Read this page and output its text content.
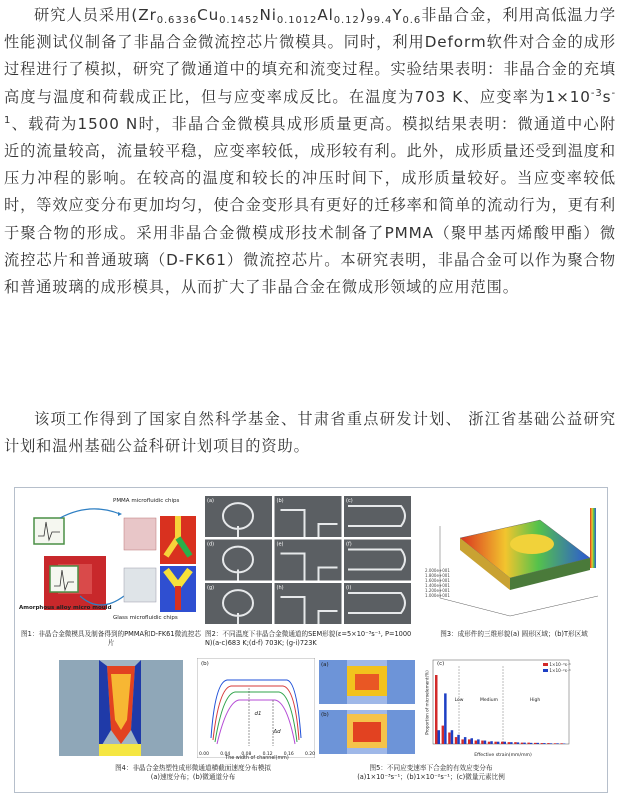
研究人员采用$(Zr_{0.6336}Cu_{0.1452}Ni_{0.1012}Al_{0.12})_{99.4}Y_{0.6}$非晶合金，利用高低温力学性能测试仪制备了非晶合金微流控芯片微模具。同时，利用Deform软件对合金的成形过程进行了模拟，研究了微通道中的填充和流变过程。实验结果表明：非晶合金的充填高度与温度和荷载成正比，但与应变率成反比。在温度为703 K、应变率为$1\times 10^{-3}s^{-1}$、载荷为1500 N时，非晶合金微模具成形质量更高。模拟结果表明：微通道中心附近的流量较高，流量较平稳，应变率较低，成形较有利。此外，成形质量还受到温度和压力冲程的影响。在较高的温度和较长的冲压时间下，成形质量较好。当应变率较低时，等效应变分布更加均匀，使合金变形具有更好的迁移率和简单的流动行为，更有利于聚合物的形成。采用非晶合金微模成形技术制备了PMMA（聚甲基丙烯酸甲酯）微流控芯片和普通玻璃（D-FK61）微流控芯片。本研究表明，非晶合金可以作为聚合物和普通玻璃的成形模具，从而扩大了非晶合金在微成形领域的应用范围。

该项工作得到了国家自然科学基金、甘肃省重点研发计划、 浙江省基础公益研究计划和温州基础公益科研计划项目的资助。

PMMA microfluidic chips
Glass microfluidic chips
Amorphous alloy micro mould
图1：非晶合金微模具及制备得到的PMMA和D-FK61微流控芯片
(a)	(b)	(c)
(d)	(e)	(f)
(g)	(h)	(i)
图2：不同温度下非晶合金微通道的SEM形貌(ε=5×10⁻³s⁻¹, P=1000 N)(a-c)683 K;(d-f) 703K; (g-i)723K
2.000e+001
1.800e+001
1.600e+001
1.400e+001
1.200e+001
1.000e+001
图3：成形件的三维形貌(a) 圆形区域；(b)T形区域
(b)
d1
Δd
0.00 0.04 0.08 0.12 0.16 0.20
The width of channel(mm)
图4：非晶合金热塑性成形微通道横截面速度分布模拟
(a)速度分布；(b)微通道分布
(a)
(b)
(c)
Low	Medium	High
1×10⁻³s⁻¹
1×10⁻²s⁻¹
Proportion of microelement(%)
Effective strain(mm/mm)
图5：不同应变速率下合金的有效应变分布
(a)1×10⁻³s⁻¹；(b)1×10⁻²s⁻¹；(c)微量元素比例
